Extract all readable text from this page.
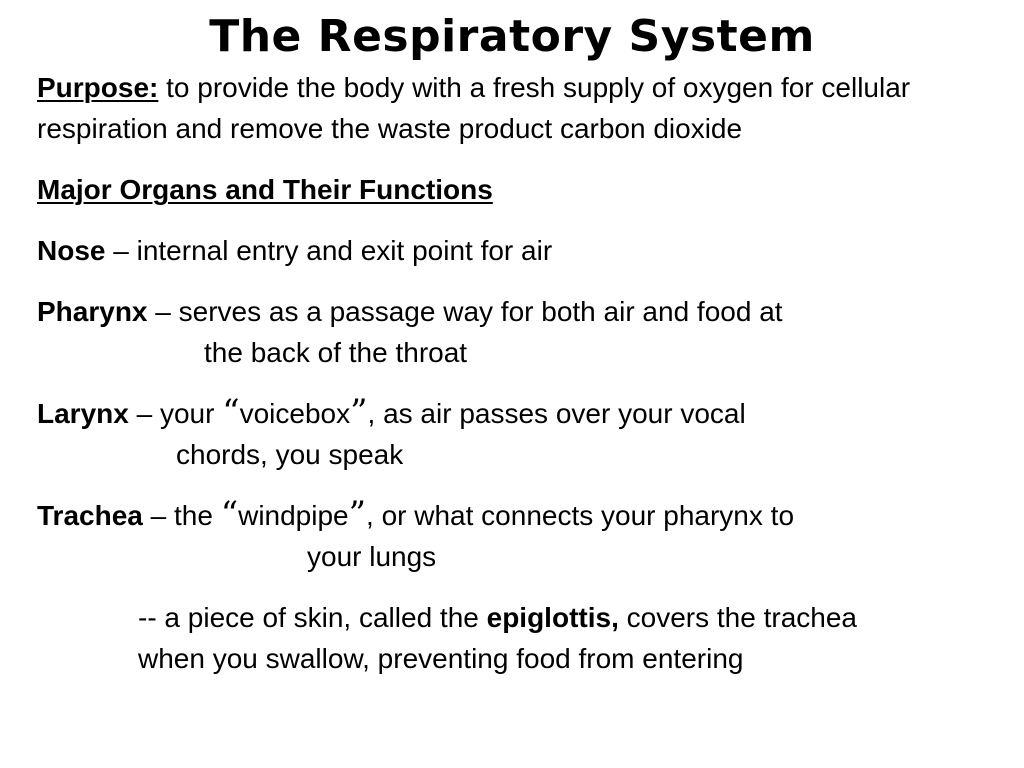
The Respiratory System

Purpose: to provide the body with a fresh supply of oxygen for cellular respiration and remove the waste product carbon dioxide

Major Organs and Their Functions

Nose – internal entry and exit point for air

Pharynx – serves as a passage way for both air and food at
the back of the throat

Larynx – your “voicebox”, as air passes over your vocal
chords, you speak

Trachea – the “windpipe”, or what connects your pharynx to
your lungs

-- a piece of skin, called the epiglottis, covers the trachea when you swallow, preventing food from entering
